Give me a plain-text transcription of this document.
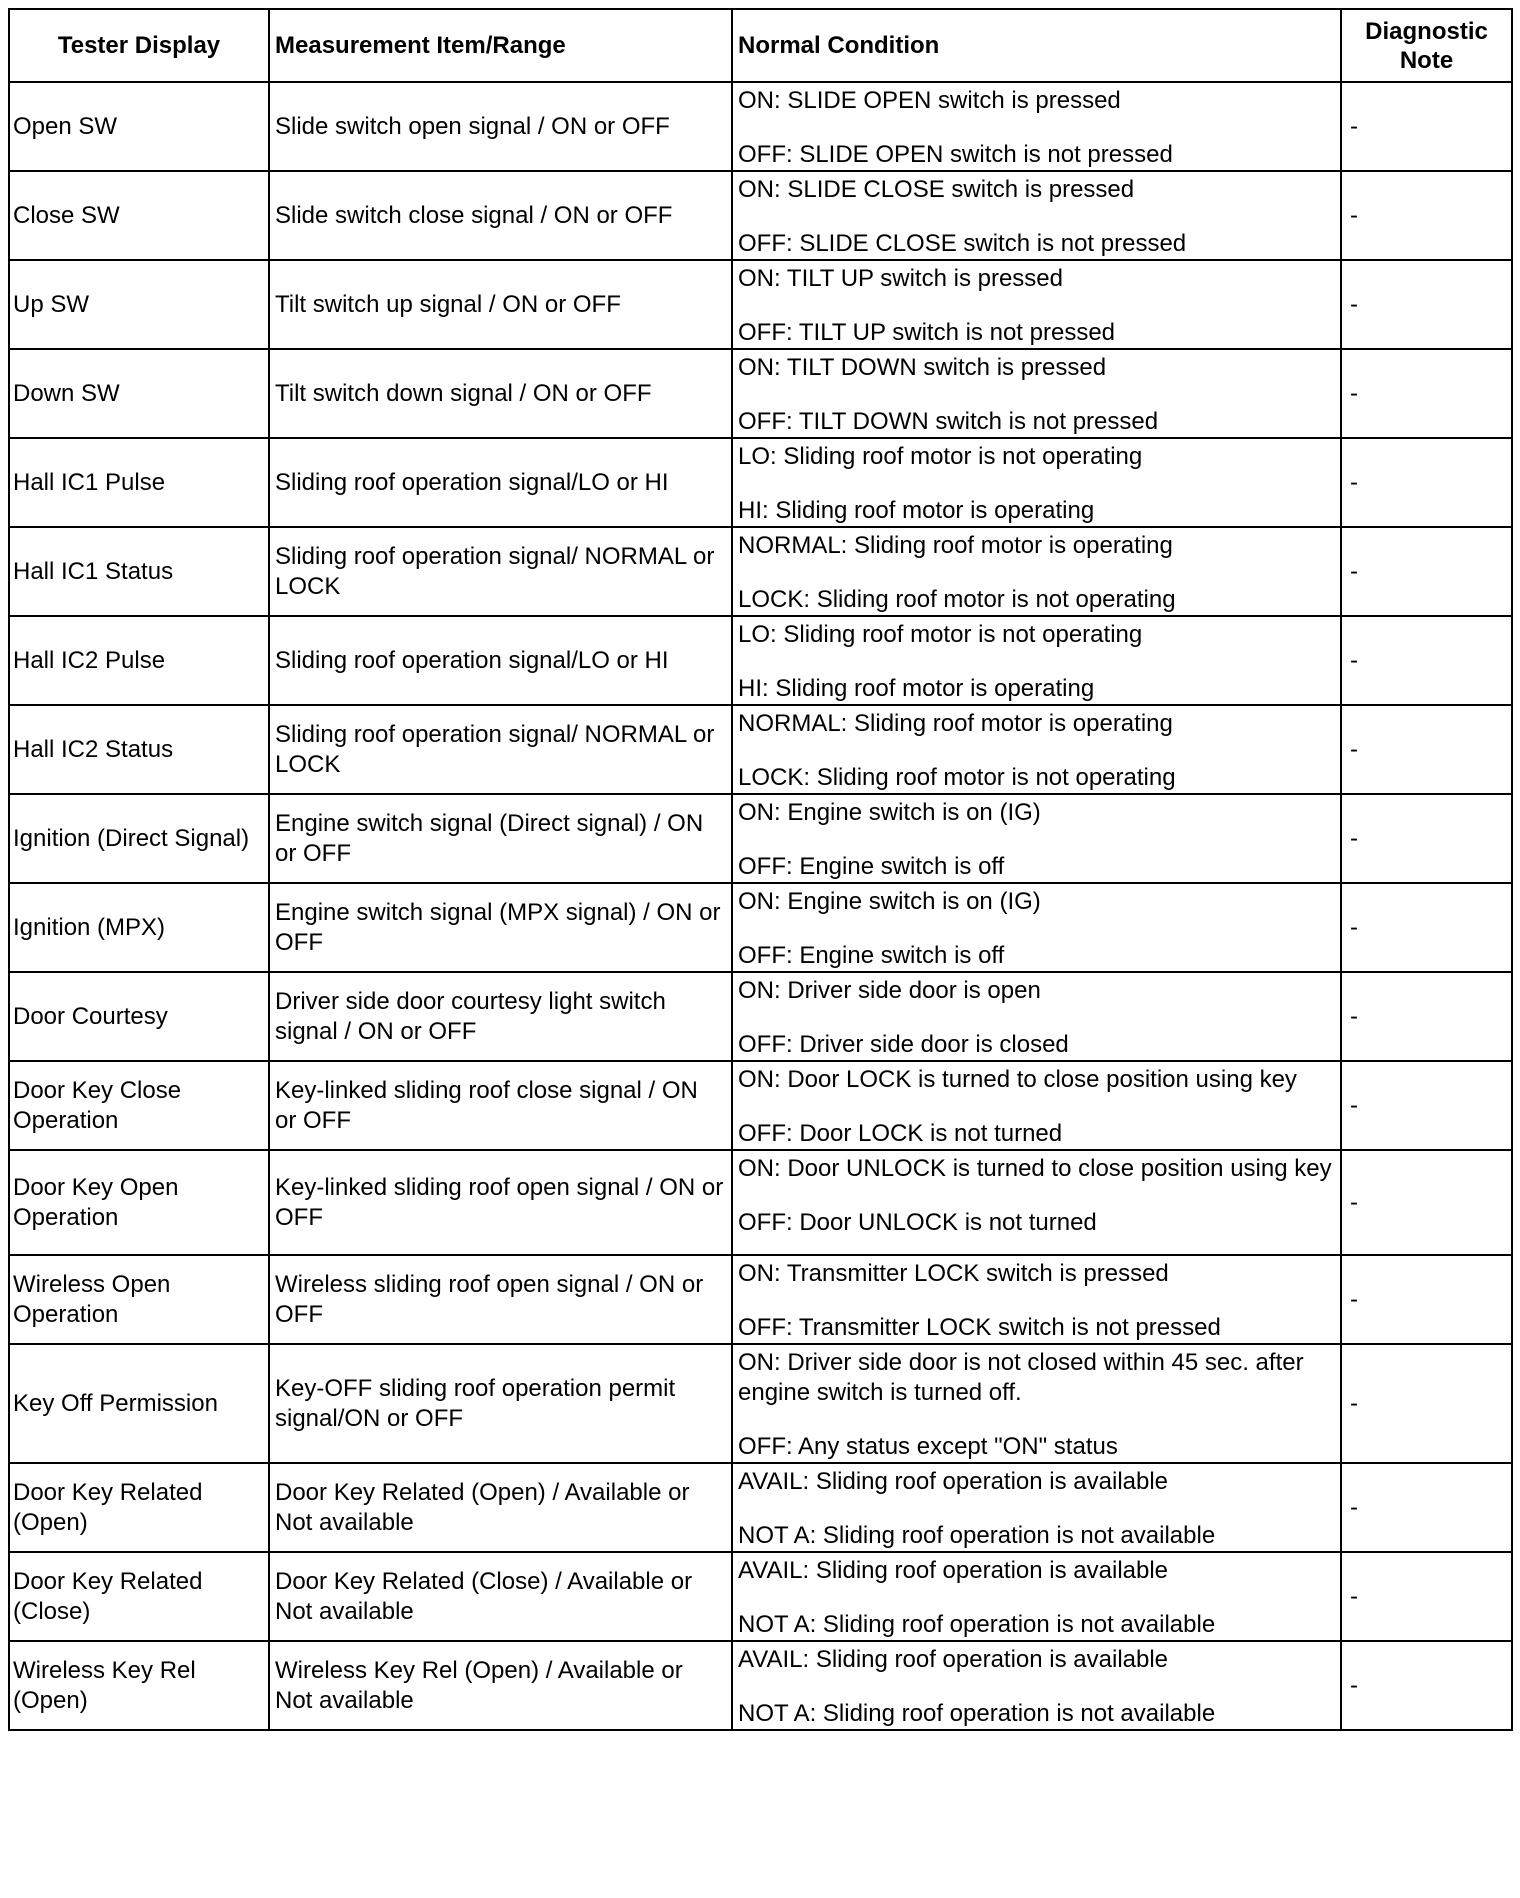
Tester Display	Measurement Item/Range	Normal Condition	Diagnostic
Note
Open SW	Slide switch open signal / ON or OFF	ON: SLIDE OPEN switch is pressed
OFF: SLIDE OPEN switch is not pressed	-
Close SW	Slide switch close signal / ON or OFF	ON: SLIDE CLOSE switch is pressed
OFF: SLIDE CLOSE switch is not pressed	-
Up SW	Tilt switch up signal / ON or OFF	ON: TILT UP switch is pressed
OFF: TILT UP switch is not pressed	-
Down SW	Tilt switch down signal / ON or OFF	ON: TILT DOWN switch is pressed
OFF: TILT DOWN switch is not pressed	-
Hall IC1 Pulse	Sliding roof operation signal/LO or HI	LO: Sliding roof motor is not operating
HI: Sliding roof motor is operating	-
Hall IC1 Status	Sliding roof operation signal/ NORMAL or LOCK	NORMAL: Sliding roof motor is operating
LOCK: Sliding roof motor is not operating	-
Hall IC2 Pulse	Sliding roof operation signal/LO or HI	LO: Sliding roof motor is not operating
HI: Sliding roof motor is operating	-
Hall IC2 Status	Sliding roof operation signal/ NORMAL or LOCK	NORMAL: Sliding roof motor is operating
LOCK: Sliding roof motor is not operating	-
Ignition (Direct Signal)	Engine switch signal (Direct signal) / ON or OFF	ON: Engine switch is on (IG)
OFF: Engine switch is off	-
Ignition (MPX)	Engine switch signal (MPX signal) / ON or OFF	ON: Engine switch is on (IG)
OFF: Engine switch is off	-
Door Courtesy	Driver side door courtesy light switch signal / ON or OFF	ON: Driver side door is open
OFF: Driver side door is closed	-
Door Key Close Operation	Key-linked sliding roof close signal / ON or OFF	ON: Door LOCK is turned to close position using key
OFF: Door LOCK is not turned	-
Door Key Open Operation	Key-linked sliding roof open signal / ON or OFF	ON: Door UNLOCK is turned to close position using key
OFF: Door UNLOCK is not turned	-
Wireless Open Operation	Wireless sliding roof open signal / ON or OFF	ON: Transmitter LOCK switch is pressed
OFF: Transmitter LOCK switch is not pressed	-
Key Off Permission	Key-OFF sliding roof operation permit signal/ON or OFF	ON: Driver side door is not closed within 45 sec. after engine switch is turned off.
OFF: Any status except "ON" status	-
Door Key Related (Open)	Door Key Related (Open) / Available or Not available	AVAIL: Sliding roof operation is available
NOT A: Sliding roof operation is not available	-
Door Key Related (Close)	Door Key Related (Close) / Available or Not available	AVAIL: Sliding roof operation is available
NOT A: Sliding roof operation is not available	-
Wireless Key Rel (Open)	Wireless Key Rel (Open) / Available or Not available	AVAIL: Sliding roof operation is available
NOT A: Sliding roof operation is not available	-
